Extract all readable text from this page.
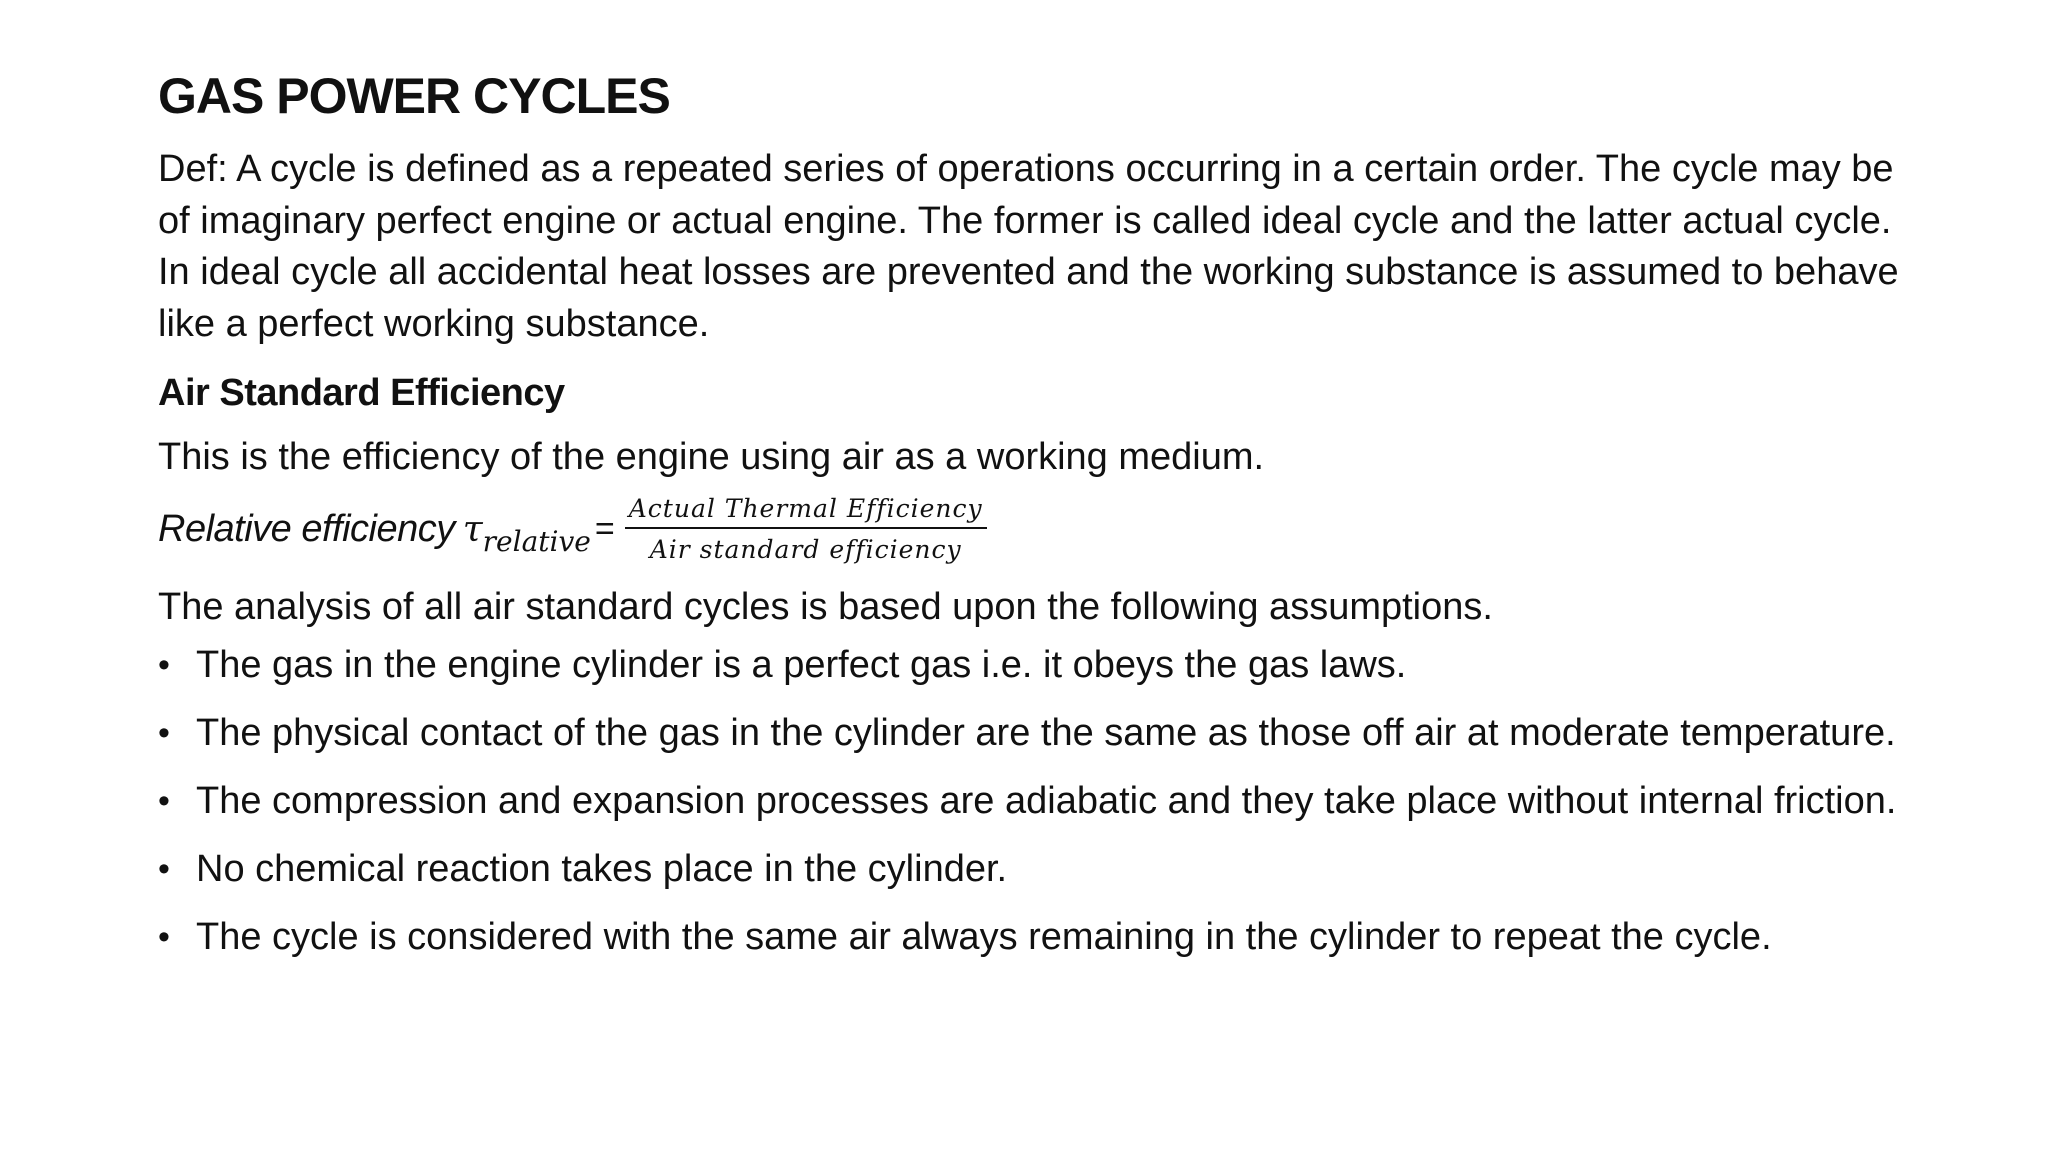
GAS POWER CYCLES

Def: A cycle is defined as a repeated series of operations occurring in a certain order. The cycle may be of imaginary perfect engine or actual engine. The former is called ideal cycle and the latter actual cycle. In ideal cycle all accidental heat losses are prevented and the working substance is assumed to behave like a perfect working substance.

Air Standard Efficiency

This is the efficiency of the engine using air as a working medium.

Relative efficiency τ relative = $\frac{\text{Actual Thermal Efficiency}}{\text{Air standard efficiency}}$

The analysis of all air standard cycles is based upon the following assumptions.

• The gas in the engine cylinder is a perfect gas i.e. it obeys the gas laws.
• The physical contact of the gas in the cylinder are the same as those off air at moderate temperature.
• The compression and expansion processes are adiabatic and they take place without internal friction.
• No chemical reaction takes place in the cylinder.
• The cycle is considered with the same air always remaining in the cylinder to repeat the cycle.
